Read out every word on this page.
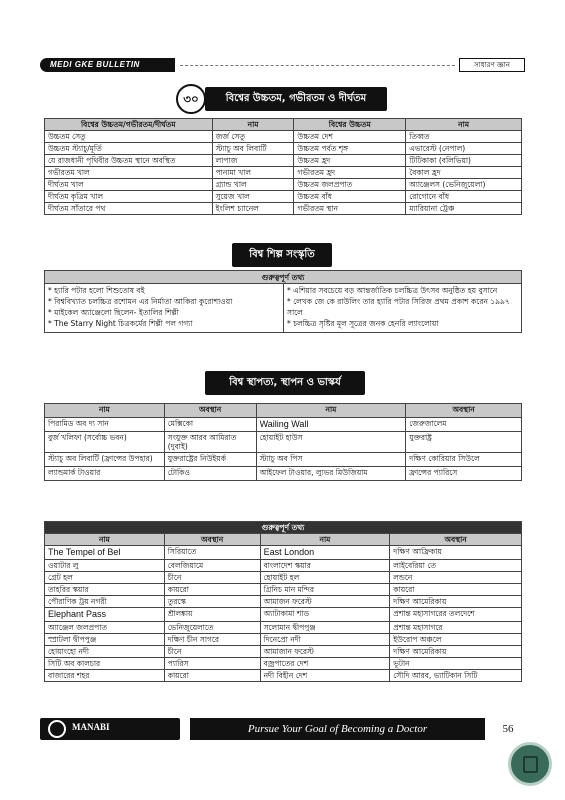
MEDI GKE BULLETIN	সাধারণ জ্ঞান
৩০	বিশ্বের উচ্চতম, গভীরতম ও দীর্ঘতম
বিশ্বের উচ্চতম/গভীরতম/দীর্ঘতম	নাম	বিশ্বের উচ্চতম	নাম
উচ্চতম সেতু	জর্জ সেতু	উচ্চতম দেশ	তিব্বত
উচ্চতম স্ট্যাচু/মূর্তি	স্ট্যাচু অব লিবার্টি	উচ্চতম পর্বত শৃঙ্গ	এভারেস্ট (নেপাল)
যে রাজধানী পৃথিবীর উচ্চতম স্থানে অবস্থিত	লাপাজ	উচ্চতম হ্রদ	টিটিকাকা (বলিভিয়া)
গভীরতম খাল	পানামা খাল	গভীরতম হ্রদ	বৈকাল হ্রদ
দীর্ঘতম খাল	গ্র্যান্ড খাল	উচ্চতম জলপ্রপাত	অ্যাঞ্জেলস (ভেনিজুয়েলা)
দীর্ঘতম কৃত্রিম খাল	সুয়েজ খাল	উচ্চতম বাঁধ	রোগোনে বাঁধ
দীর্ঘতম সাঁতারে পথ	ইংলিশ চ্যানেল	গভীরতম স্থান	ম্যারিয়ানা ট্রেঞ্চ
বিশ্ব শিল্প সংস্কৃতি
গুরুত্বপূর্ণ তথ্য
* হ্যারি পটার হলো শিশুতোষ বই
* বিশ্ববিখ্যাত চলচ্চিত্র রশোমন এর নির্মাতা আকিরা কুরোশাওয়া
* মাইকেল অ্যাঞ্জেলো ছিলেন- ইতালির শিল্পী
* The Starry Night চিত্রকর্মের শিল্পী পল গগ্যা
* এশিয়ার সবচেয়ে বড় আন্তর্জাতিক চলচ্চিত্র উৎসব অনুষ্ঠিত হয় বুসানে
* লেখক জে কে রাউলিং তার হ্যারি পটার সিরিজ প্রথম প্রকাশ করেন ১৯৯৭ সালে
* চলচ্চিত্র সৃষ্টির মূল সূত্রের জনক হেনরি ল্যাংলোয়া
বিশ্ব স্থাপত্য, স্থাপন ও ভাস্কর্য
নাম	অবস্থান	নাম	অবস্থান
পিরামিড অব দ্য সান	মেক্সিকো	Wailing Wall	জেরুজালেম
বুর্জ খলিফা (সর্বোচ্চ ভবন)	সংযুক্ত আরব আমিরাত (দুবাই)	হোয়াইট হাউস	যুক্তরাষ্ট্র
স্ট্যাচু অব লিবার্টি (ফ্রান্সের উপহার)	যুক্তরাষ্ট্রের নিউইয়র্ক	স্ট্যাচু অব পিস	দক্ষিণ কোরিয়ার সিউলে
ল্যান্ডমার্ক টাওয়ার	টোকিও	আইফেল টাওয়ার, ল্যুভর মিউজিয়াম	ফ্রান্সের প্যারিসে
গুরুত্বপূর্ণ তথ্য			
নাম	অবস্থান	নাম	অবস্থান
The Tempel of Bel	সিরিয়াতে	East London	দক্ষিণ আফ্রিকায়
ওয়াটার লু	বেলজিয়ামে	বাংলাদেশ স্কয়ার	লাইবেরিয়া তে
গ্রেট হল	চীনে	হোয়াইট হল	লন্ডনে
তাহরির স্কয়ার	কায়রো	গ্রিনিচ মান মন্দির	কায়রো
পৌরাণিক ট্রয় নগরী	তুরস্কে	আমাজন ফরেস্ট	দক্ষিণ আমেরিকায়
Elephant Pass	শ্রীলঙ্কায়	অ্যাটাকামা শাড	প্রশান্ত মহাসাগরের তলদেশে
অ্যাঞ্জেল জলপ্রপাত	ভেনিজুয়েলাতে	সলোমান দ্বীপপুঞ্জ	প্রশান্ত মহাসাগরে
স্প্রাটলা দ্বীপপুঞ্জ	দক্ষিণ চীন সাগরে	দিনেপ্রো নদী	ইউরোপ অঞ্চলে
হোয়াংহো নদী	চীনে	আমাজান ফরেস্ট	দক্ষিণ আমেরিকায়
সিটি অব কালচার	প্যারিস	বজ্রপাতের দেশ	ভূটান
বাজারের শহর	কায়রো	নদী বিহীন দেশ	সৌদি আরব, ভ্যাটিকান সিটি
MANABI	Pursue Your Goal of Becoming a Doctor	56
